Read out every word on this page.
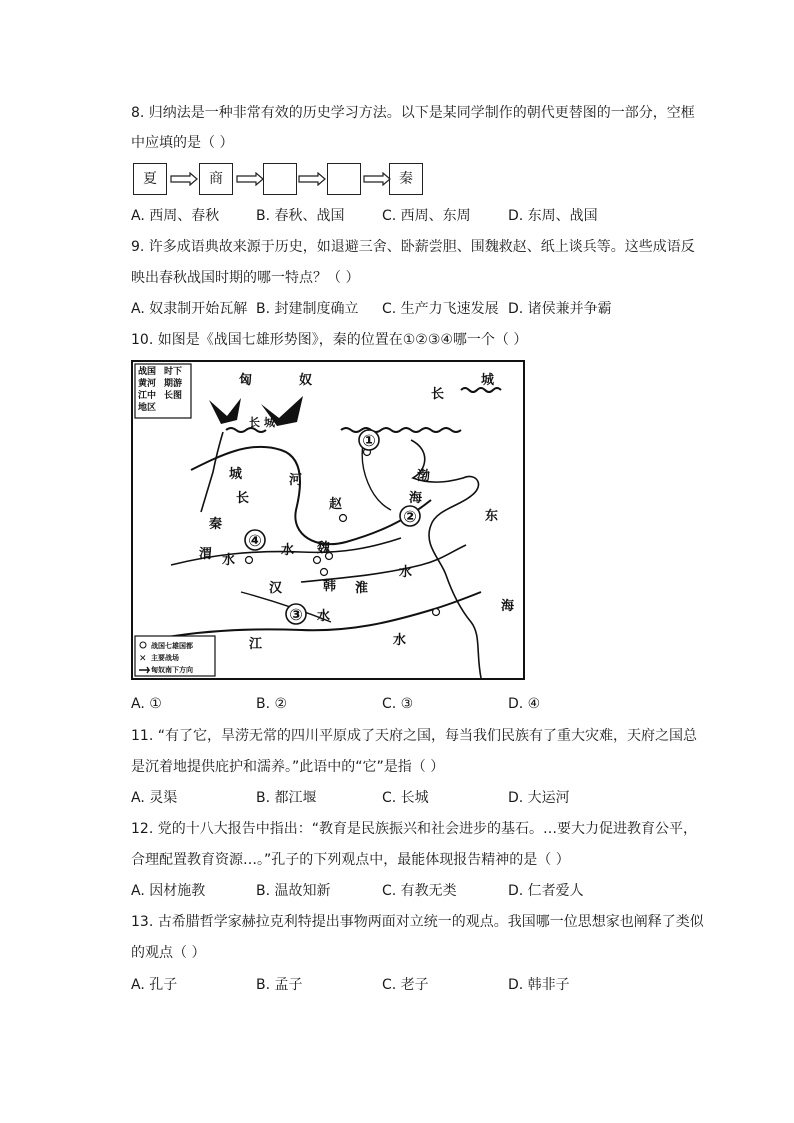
8. 归纳法是一种非常有效的历史学习方法。以下是某同学制作的朝代更替图的一部分，空框
中应填的是（ ）
夏	商	秦
A. 西周、春秋	B. 春秋、战国	C. 西周、东周	D. 东周、战国
9. 许多成语典故来源于历史，如退避三舍、卧薪尝胆、围魏救赵、纸上谈兵等。这些成语反
映出春秋战国时期的哪一特点？（ ）
A. 奴隶制开始瓦解 B. 封建制度确立 C. 生产力飞速发展 D. 诸侯兼并争霸
10. 如图是《战国七雄形势图》，秦的位置在①②③④哪一个（ ）
战国
黄河
江中
地区
时下
期游
长图
①
②
③
④
匈	奴
长
城
长 城
长
城	河
赵
渤
海
东
海
秦
渭 水
水 魏
韩
汉	淮
水
水
江	水
战国七雄国都
✕ 主要战场
匈奴南下方向
A. ①	B. ②	C. ③	D. ④
11. “有了它，旱涝无常的四川平原成了天府之国，每当我们民族有了重大灾难，天府之国总
是沉着地提供庇护和濡养。”此语中的“它”是指（ ）
A. 灵渠	B. 都江堰	C. 长城	D. 大运河
12. 党的十八大报告中指出：“教育是民族振兴和社会进步的基石。…要大力促进教育公平，
合理配置教育资源…。”孔子的下列观点中，最能体现报告精神的是（ ）
A. 因材施教	B. 温故知新	C. 有教无类	D. 仁者爱人
13. 古希腊哲学家赫拉克利特提出事物两面对立统一的观点。我国哪一位思想家也阐释了类似
的观点（ ）
A. 孔子	B. 孟子	C. 老子	D. 韩非子
